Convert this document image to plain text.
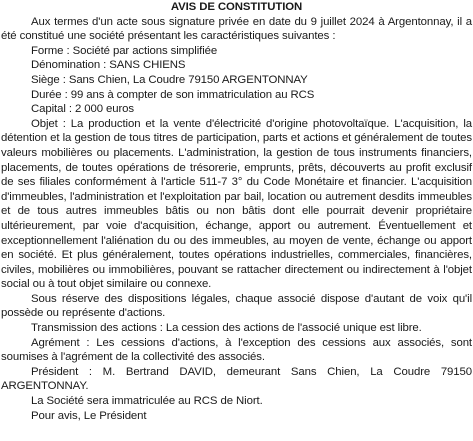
AVIS DE CONSTITUTION

Aux termes d'un acte sous signature privée en date du 9 juillet 2024 à Argentonnay, il a été constitué une société présentant les caractéristiques suivantes :

Forme : Société par actions simplifiée

Dénomination : SANS CHIENS

Siège : Sans Chien, La Coudre 79150 ARGENTONNAY

Durée : 99 ans à compter de son immatriculation au RCS

Capital : 2 000 euros

Objet : La production et la vente d'électricité d'origine photovoltaïque. L'acquisition, la détention et la gestion de tous titres de participation, parts et actions et généralement de toutes valeurs mobilières ou placements. L'administration, la gestion de tous instruments financiers, placements, de toutes opérations de trésorerie, emprunts, prêts, découverts au profit exclusif de ses filiales conformément à l'article 511-7 3° du Code Monétaire et financier. L'acquisition d'immeubles, l'administration et l'exploitation par bail, location ou autrement desdits immeubles et de tous autres immeubles bâtis ou non bâtis dont elle pourrait devenir propriétaire ultérieurement, par voie d'acquisition, échange, apport ou autrement. Éventuellement et exceptionnellement l'aliénation du ou des immeubles, au moyen de vente, échange ou apport en société. Et plus généralement, toutes opérations industrielles, commerciales, financières, civiles, mobilières ou immobilières, pouvant se rattacher directement ou indirectement à l'objet social ou à tout objet similaire ou connexe.

Sous réserve des dispositions légales, chaque associé dispose d'autant de voix qu'il possède ou représente d'actions.

Transmission des actions : La cession des actions de l'associé unique est libre.

Agrément : Les cessions d'actions, à l'exception des cessions aux associés, sont soumises à l'agrément de la collectivité des associés.

Président : M. Bertrand DAVID, demeurant Sans Chien, La Coudre 79150 ARGENTONNAY.

La Société sera immatriculée au RCS de Niort.

Pour avis, Le Président
